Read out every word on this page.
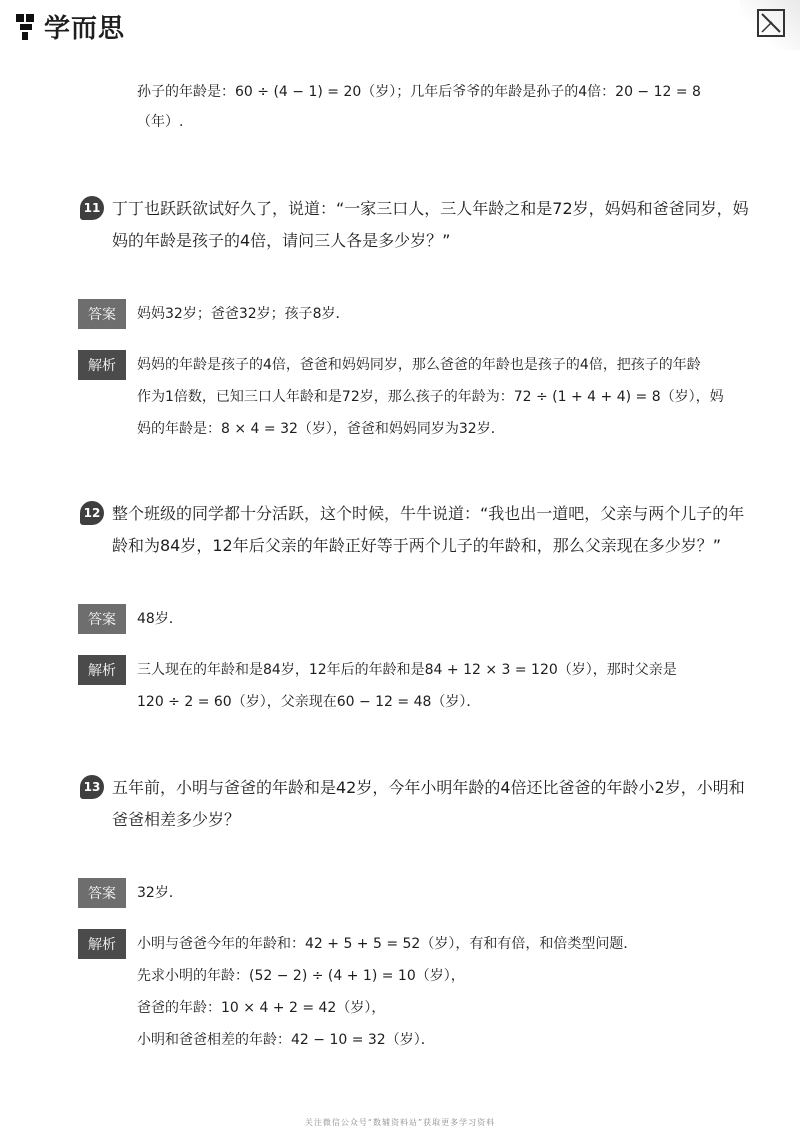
学而思
孙子的年龄是：60 ÷ (4 − 1) = 20（岁）；几年后爷爷的年龄是孙子的4倍：20 − 12 = 8
（年）.
11 丁丁也跃跃欲试好久了，说道：“一家三口人，三人年龄之和是72岁，妈妈和爸爸同岁，妈
妈的年龄是孩子的4倍，请问三人各是多少岁？”
答案	妈妈32岁；爸爸32岁；孩子8岁．
解析	妈妈的年龄是孩子的4倍，爸爸和妈妈同岁，那么爸爸的年龄也是孩子的4倍，把孩子的年龄
作为1倍数，已知三口人年龄和是72岁，那么孩子的年龄为：72 ÷ (1 + 4 + 4) = 8（岁），妈
妈的年龄是：8 × 4 = 32（岁），爸爸和妈妈同岁为32岁．
12 整个班级的同学都十分活跃，这个时候，牛牛说道：“我也出一道吧，父亲与两个儿子的年
龄和为84岁，12年后父亲的年龄正好等于两个儿子的年龄和，那么父亲现在多少岁？”
答案	48岁．
解析	三人现在的年龄和是84岁，12年后的年龄和是84 + 12 × 3 = 120（岁），那时父亲是
120 ÷ 2 = 60（岁），父亲现在60 − 12 = 48（岁）．
13 五年前，小明与爸爸的年龄和是42岁，今年小明年龄的4倍还比爸爸的年龄小2岁，小明和
爸爸相差多少岁？
答案	32岁．
解析	小明与爸爸今年的年龄和：42 + 5 + 5 = 52（岁），有和有倍，和倍类型问题．
先求小明的年龄：(52 − 2) ÷ (4 + 1) = 10（岁），
爸爸的年龄：10 × 4 + 2 = 42（岁），
小明和爸爸相差的年龄：42 − 10 = 32（岁）．
关注微信公众号“数辅资料站”获取更多学习资料
